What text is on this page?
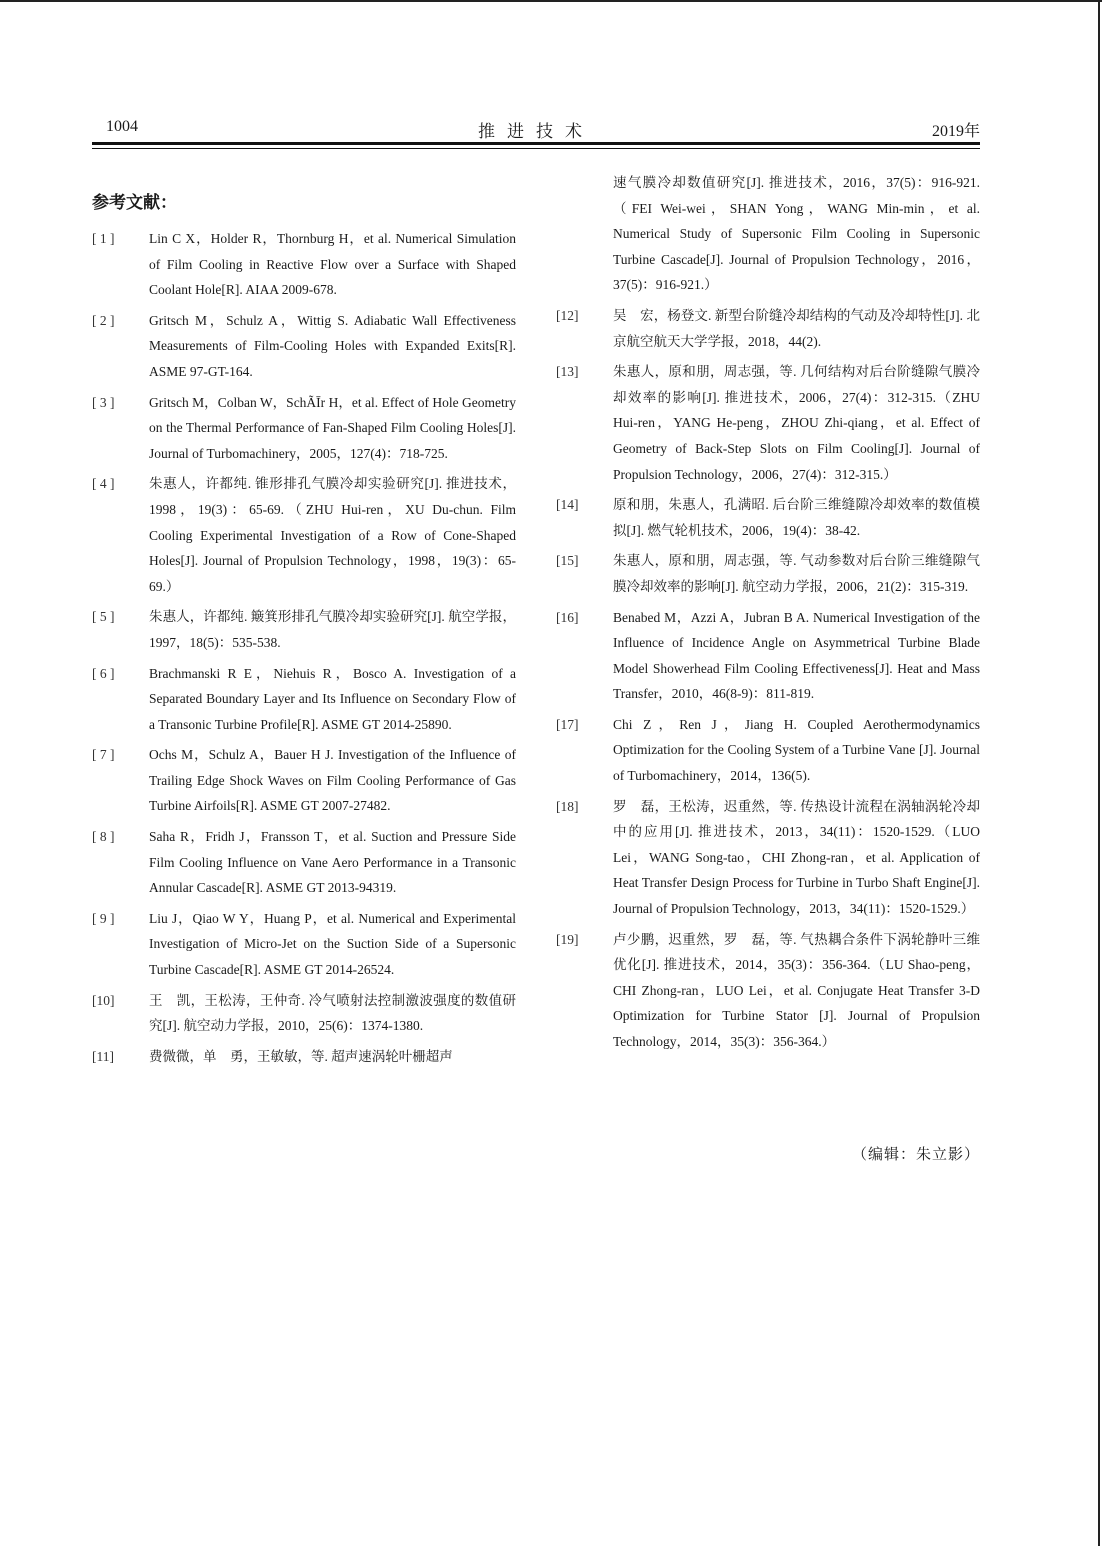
1004	推进技术	2019年
参考文献：
[ 1 ]	Lin C X，Holder R，Thornburg H，et al. Numerical Simulation of Film Cooling in Reactive Flow over a Surface with Shaped Coolant Hole[R]. AIAA 2009-678.
[ 2 ]	Gritsch M，Schulz A，Wittig S. Adiabatic Wall Effectiveness Measurements of Film-Cooling Holes with Expanded Exits[R]. ASME 97-GT-164.
[ 3 ]	Gritsch M，Colban W，SchÃĪr H，et al. Effect of Hole Geometry on the Thermal Performance of Fan-Shaped Film Cooling Holes[J]. Journal of Turbomachinery，2005，127(4)：718-725.
[ 4 ]	朱惠人，许都纯. 锥形排孔气膜冷却实验研究[J]. 推进技术，1998，19(3)：65-69.（ZHU Hui-ren，XU Du-chun. Film Cooling Experimental Investigation of a Row of Cone-Shaped Holes[J]. Journal of Propulsion Technology，1998，19(3)：65-69.）
[ 5 ]	朱惠人，许都纯. 簸箕形排孔气膜冷却实验研究[J]. 航空学报，1997，18(5)：535-538.
[ 6 ]	Brachmanski R E，Niehuis R，Bosco A. Investigation of a Separated Boundary Layer and Its Influence on Secondary Flow of a Transonic Turbine Profile[R]. ASME GT 2014-25890.
[ 7 ]	Ochs M，Schulz A，Bauer H J. Investigation of the Influence of Trailing Edge Shock Waves on Film Cooling Performance of Gas Turbine Airfoils[R]. ASME GT 2007-27482.
[ 8 ]	Saha R，Fridh J，Fransson T，et al. Suction and Pressure Side Film Cooling Influence on Vane Aero Performance in a Transonic Annular Cascade[R]. ASME GT 2013-94319.
[ 9 ]	Liu J，Qiao W Y，Huang P，et al. Numerical and Experimental Investigation of Micro-Jet on the Suction Side of a Supersonic Turbine Cascade[R]. ASME GT 2014-26524.
[10]	王　凯，王松涛，王仲奇. 冷气喷射法控制激波强度的数值研究[J]. 航空动力学报，2010，25(6)：1374-1380.
[11]	费微微，单　勇，王敏敏，等. 超声速涡轮叶栅超声
速气膜冷却数值研究[J]. 推进技术，2016，37(5)：916-921.（FEI Wei-wei，SHAN Yong，WANG Min-min，et al. Numerical Study of Supersonic Film Cooling in Supersonic Turbine Cascade[J]. Journal of Propulsion Technology，2016，37(5)：916-921.）
[12]	吴　宏，杨登文. 新型台阶缝冷却结构的气动及冷却特性[J]. 北京航空航天大学学报，2018，44(2).
[13]	朱惠人，原和朋，周志强，等. 几何结构对后台阶缝隙气膜冷却效率的影响[J]. 推进技术，2006，27(4)：312-315.（ZHU Hui-ren，YANG He-peng，ZHOU Zhi-qiang，et al. Effect of Geometry of Back-Step Slots on Film Cooling[J]. Journal of Propulsion Technology，2006，27(4)：312-315.）
[14]	原和朋，朱惠人，孔满昭. 后台阶三维缝隙冷却效率的数值模拟[J]. 燃气轮机技术，2006，19(4)：38-42.
[15]	朱惠人，原和朋，周志强，等. 气动参数对后台阶三维缝隙气膜冷却效率的影响[J]. 航空动力学报，2006，21(2)：315-319.
[16]	Benabed M，Azzi A，Jubran B A. Numerical Investigation of the Influence of Incidence Angle on Asymmetrical Turbine Blade Model Showerhead Film Cooling Effectiveness[J]. Heat and Mass Transfer，2010，46(8-9)：811-819.
[17]	Chi Z，Ren J，Jiang H. Coupled Aerothermodynamics Optimization for the Cooling System of a Turbine Vane [J]. Journal of Turbomachinery，2014，136(5).
[18]	罗　磊，王松涛，迟重然，等. 传热设计流程在涡轴涡轮冷却中的应用[J]. 推进技术，2013，34(11)：1520-1529.（LUO Lei，WANG Song-tao，CHI Zhong-ran，et al. Application of Heat Transfer Design Process for Turbine in Turbo Shaft Engine[J]. Journal of Propulsion Technology，2013，34(11)：1520-1529.）
[19]	卢少鹏，迟重然，罗　磊，等. 气热耦合条件下涡轮静叶三维优化[J]. 推进技术，2014，35(3)：356-364.（LU Shao-peng，CHI Zhong-ran，LUO Lei，et al. Conjugate Heat Transfer 3-D Optimization for Turbine Stator [J]. Journal of Propulsion Technology，2014，35(3)：356-364.）
（编辑：朱立影）
